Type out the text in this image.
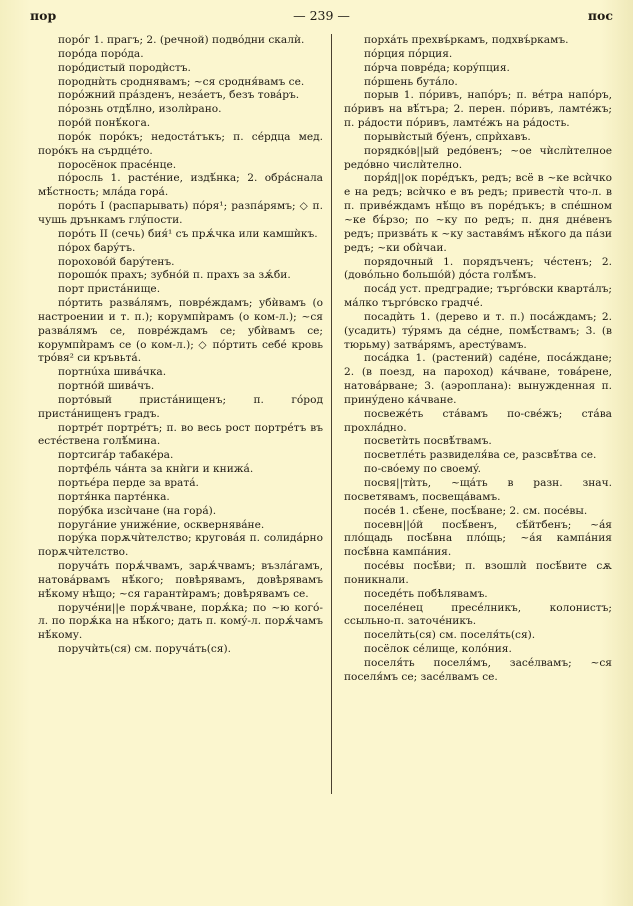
пор	— 239 —	пос

порóг 1. прагъ; 2. (речной) подвóдни скалѝ.

порóда порóда.

порóдистый породѝстъ.

породнѝть сроднявамъ; ~ся сродня́вамъ се.

порóжний прáзденъ, незáетъ, безъ товáръ.

пóрознь отдѣ́лно, изолѝрано.

порóй понѣ́кога.

порóк порóкъ; недостáтъкъ; п. сéрдца мед. порóкъ на сърдцéто.

поросёнок прасéнце.

пóросль 1. растéние, издѣ́нка; 2. обрáснала мѣ́стность; млáда горá.

порóть I (распарывать) пóря¹; разпáрямъ; ◇ п. чушь дрънкамъ глýпости.

порóть II (сечь) бия́¹ съ прѫ́чка или камшѝкъ.

пóрох барýтъ.

пороховóй барýтенъ.

порошóк прахъ; зубнóй п. прахъ за зѫ́би.

порт пристáнище.

пóртить развáлямъ, поврéждамъ; убѝвамъ (о настроении и т. п.); корумпѝрамъ (о ком-л.); ~ся развáлямъ се, поврéждамъ се; убѝвамъ се; корумпѝрамъ се (о ком-л.); ◇ пóртить себé кровь трóвя² си кръвьтá.

портнúха шивáчка.

портнóй шивáчъ.

портóвый пристáнищенъ; п. гóрод пристáнищенъ градъ.

портрéт портрéтъ; п. во весь рост портрéтъ въ естéствена голѣ́мина.

портсигáр табакéра.

портфéль чáнта за кнѝги и книжá.

портьéра перде за вратá.

портя́нка партéнка.

порýбка изсѝчане (на горá).

поругáние унижéние, осквернявáне.

порýка порѫчѝтелство; круговáя п. солидáрно порѫчѝтелство.

поручáть порѫ́чвамъ, зарѫ́чвамъ; възлáгамъ, натовáрвамъ нѣ́кого; повѣрявамъ, довѣрявамъ нѣ́кому нѣщо; ~ся гарантѝрамъ; довѣрявамъ се.

поручéни||е порѫ́чване, порѫ́ка; по ~ю когó-л. по порѫ́ка на нѣ́кого; дать п. комý-л. порѫ́чамъ нѣ́кому.

поручѝть(ся) см. поручáть(ся).

порхáть прехвъ́ркамъ, подхвъ́ркамъ.

пóрция пóрция.

пóрча поврéда; корýпция.

пóршень бутáло.

порыв 1. пóривъ, напóръ; п. вéтра напóръ, пóривъ на вѣ́търа; 2. перен. пóривъ, ламтéжъ; п. рáдости пóривъ, ламтéжъ на рáдость.

порывѝстый бýенъ, спрѝхавъ.

порядкóв||ый редóвенъ; ~ое чѝслѝтелное редóвно числѝтелно.

поря́д||ок порéдъкъ, редъ; всё в ~ке всѝчко е на редъ; всѝчко е въ редъ; привестѝ что-л. в п. привéждамъ нѣ́що въ порéдъкъ; в спéшном ~ке бъ́рзо; по ~ку по редъ; п. дня днéвенъ редъ; призвáть к ~ку заставя́мъ нѣ́кого да пáзи редъ; ~ки обѝчаи.

порядочный 1. порядъченъ; чéстенъ; 2. (довóльно большóй) дóста голѣ́мъ.

посáд уст. предградие; търгóвски квартáлъ; мáлко търгóвско градчé.

посадѝть 1. (дерево и т. п.) посáждамъ; 2. (усадить) тýрямъ да сéдне, помѣ́ствамъ; 3. (в тюрьму) затвáрямъ, арестýвамъ.

посáдка 1. (растений) садéне, посáждане; 2. (в поезд, на пароход) кáчване, товáрене, натовáрване; 3. (аэроплана): вынужденная п. принýдено кáчване.

посвежéть стáвамъ по-свéжъ; стáва прохлáдно.

посветѝть посвѣ́твамъ.

посветлéть развиделя́ва се, разсвѣ́тва се.

по-свóему по своемý.

посвя||тѝть, ~щáть в разн. знач. посветявамъ, посвещáвамъ.

посéв 1. сѣ́ене, посѣ́ване; 2. см. посéвы.

посевн||óй посѣ́венъ, сѣ́йтбенъ; ~áя плóщадь посѣ́вна плóщь; ~áя кампáния посѣ́вна кампáния.

посéвы посѣ́ви; п. взошлѝ посѣ́вите сѫ поникнали.

поседéть побѣлявамъ.

поселéнец пресéлникъ, колонистъ; ссыльно-п. заточéникъ.

поселѝть(ся) см. поселя́ть(ся).

посёлок сéлище, колóния.

поселя́ть поселя́мъ, засéлвамъ; ~ся поселя́мъ се; засéлвамъ се.
